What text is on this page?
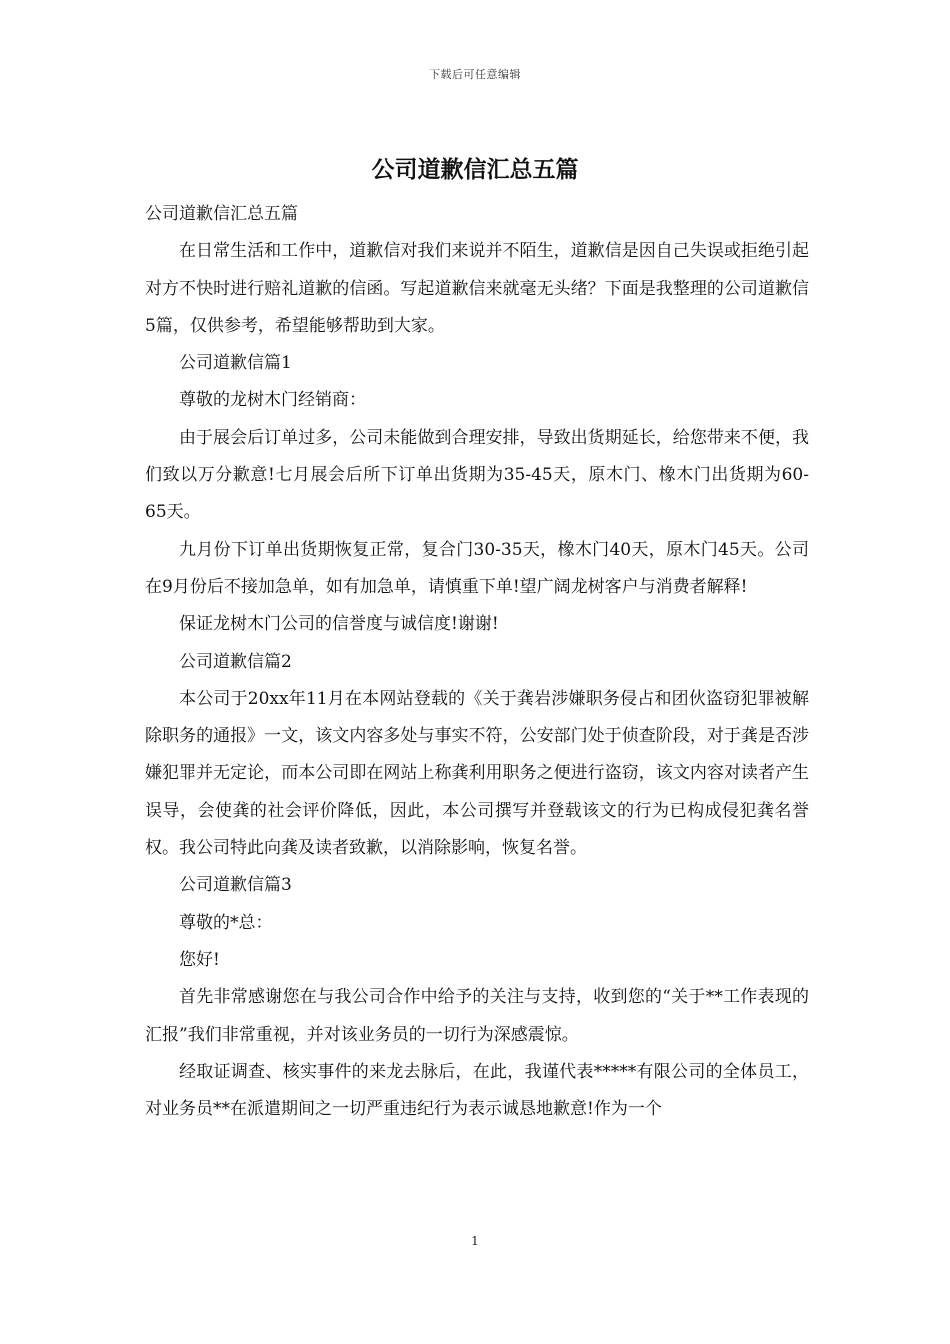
下载后可任意编辑
公司道歉信汇总五篇

公司道歉信汇总五篇

在日常生活和工作中，道歉信对我们来说并不陌生，道歉信是因自己失误或拒绝引起对方不快时进行赔礼道歉的信函。写起道歉信来就毫无头绪？下面是我整理的公司道歉信5篇，仅供参考，希望能够帮助到大家。

公司道歉信篇1

尊敬的龙树木门经销商：

由于展会后订单过多，公司未能做到合理安排，导致出货期延长，给您带来不便，我们致以万分歉意!七月展会后所下订单出货期为35-45天，原木门、橡木门出货期为60-65天。

九月份下订单出货期恢复正常，复合门30-35天，橡木门40天，原木门45天。公司在9月份后不接加急单，如有加急单，请慎重下单!望广阔龙树客户与消费者解释!

保证龙树木门公司的信誉度与诚信度!谢谢!

公司道歉信篇2

本公司于20xx年11月在本网站登载的《关于龚岩涉嫌职务侵占和团伙盗窃犯罪被解除职务的通报》一文，该文内容多处与事实不符，公安部门处于侦查阶段，对于龚是否涉嫌犯罪并无定论，而本公司即在网站上称龚利用职务之便进行盗窃，该文内容对读者产生误导，会使龚的社会评价降低，因此，本公司撰写并登载该文的行为已构成侵犯龚名誉权。我公司特此向龚及读者致歉，以消除影响，恢复名誉。

公司道歉信篇3

尊敬的*总：

您好!

首先非常感谢您在与我公司合作中给予的关注与支持，收到您的“关于**工作表现的汇报”我们非常重视，并对该业务员的一切行为深感震惊。

经取证调查、核实事件的来龙去脉后，在此，我谨代表*****有限公司的全体员工，对业务员**在派遣期间之一切严重违纪行为表示诚恳地歉意!作为一个

1
